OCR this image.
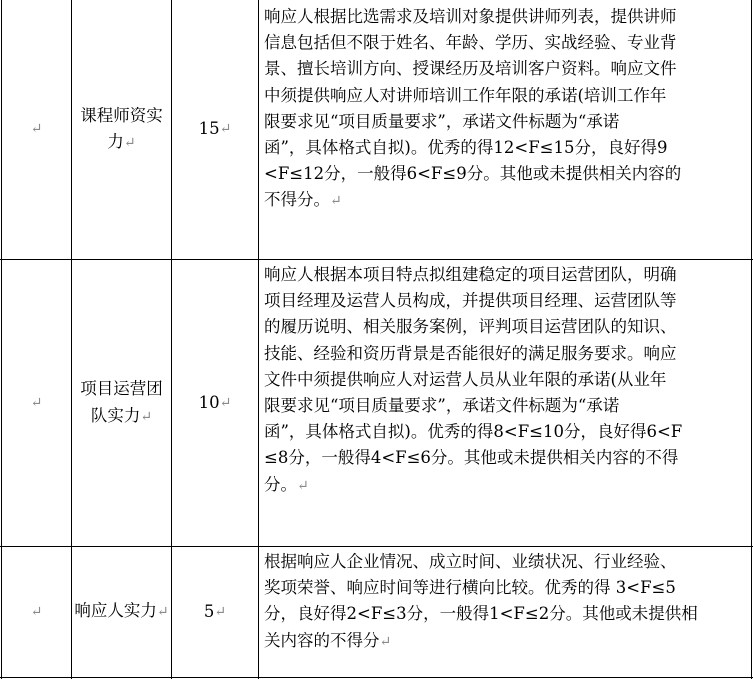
↵
课程师资实
力↵
15 ↵
响应人根据比选需求及培训对象提供讲师列表，提供讲师
信息包括但不限于姓名、年龄、学历、实战经验、专业背
景、擅长培训方向、授课经历及培训客户资料。响应文件
中须提供响应人对讲师培训工作年限的承诺(培训工作年
限要求见“项目质量要求”，承诺文件标题为“承诺
函”，具体格式自拟)。优秀的得12<F≤15分，良好得9
<F≤12分，一般得6<F≤9分。其他或未提供相关内容的
不得分。↵
↵
项目运营团
队实力↵
10 ↵
响应人根据本项目特点拟组建稳定的项目运营团队，明确
项目经理及运营人员构成，并提供项目经理、运营团队等
的履历说明、相关服务案例，评判项目运营团队的知识、
技能、经验和资历背景是否能很好的满足服务要求。响应
文件中须提供响应人对运营人员从业年限的承诺(从业年
限要求见“项目质量要求”，承诺文件标题为“承诺
函”，具体格式自拟)。优秀的得8<F≤10分，良好得6<F
≤8分，一般得4<F≤6分。其他或未提供相关内容的不得
分。↵
↵	响应人实力↵	5 ↵
根据响应人企业情况、成立时间、业绩状况、行业经验、
奖项荣誉、响应时间等进行横向比较。优秀的得 3<F≤5
分，良好得2<F≤3分，一般得1<F≤2分。其他或未提供相
关内容的不得分↵
